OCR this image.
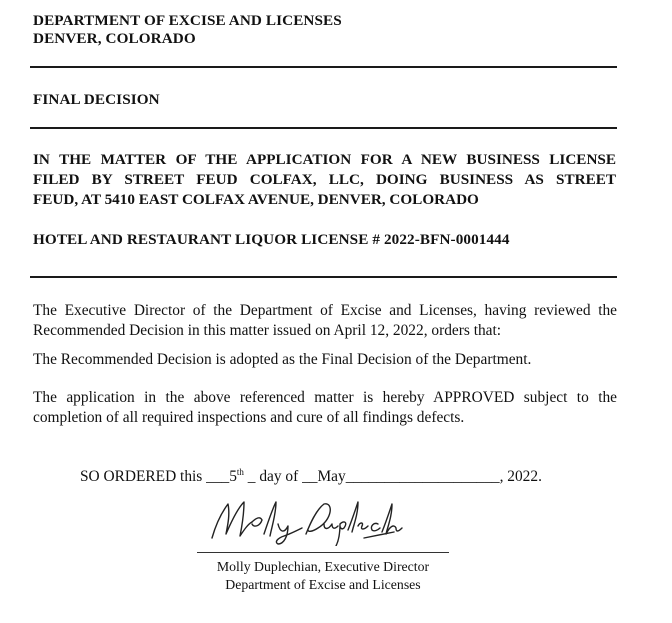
DEPARTMENT OF EXCISE AND LICENSES
DENVER, COLORADO
FINAL DECISION
IN THE MATTER OF THE APPLICATION FOR A NEW BUSINESS LICENSE
FILED BY STREET FEUD COLFAX, LLC, DOING BUSINESS AS STREET
FEUD, AT 5410 EAST COLFAX AVENUE, DENVER, COLORADO
HOTEL AND RESTAURANT LIQUOR LICENSE # 2022-BFN-0001444
The Executive Director of the Department of Excise and Licenses, having reviewed the Recommended Decision in this matter issued on April 12, 2022, orders that:
The Recommended Decision is adopted as the Final Decision of the Department.
The application in the above referenced matter is hereby APPROVED subject to the completion of all required inspections and cure of all findings defects.
SO ORDERED this ___5th _ day of __May____________________, 2022.
Molly Duplechian, Executive Director
Department of Excise and Licenses
